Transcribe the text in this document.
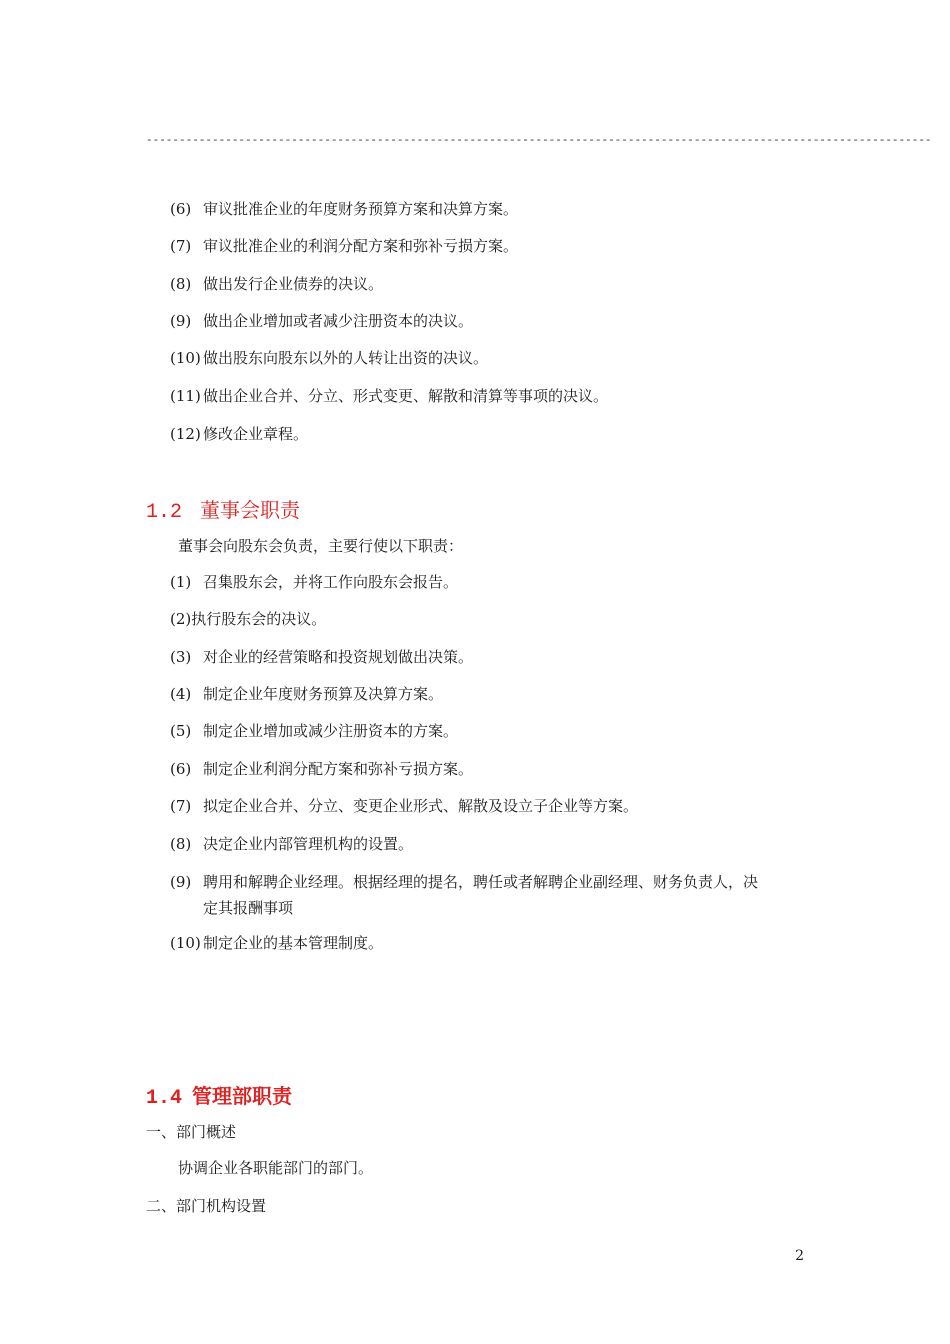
-----------------------------------------------------------------------------------------------------------------------
(6) 审议批准企业的年度财务预算方案和决算方案。
(7) 审议批准企业的利润分配方案和弥补亏损方案。
(8) 做出发行企业债券的决议。
(9) 做出企业增加或者减少注册资本的决议。
(10) 做出股东向股东以外的人转让出资的决议。
(11) 做出企业合并、分立、形式变更、解散和清算等事项的决议。
(12) 修改企业章程。
1.2 董事会职责
董事会向股东会负责，主要行使以下职责：
(1) 召集股东会，并将工作向股东会报告。
(2)执行股东会的决议。
(3) 对企业的经营策略和投资规划做出决策。
(4) 制定企业年度财务预算及决算方案。
(5) 制定企业增加或减少注册资本的方案。
(6) 制定企业利润分配方案和弥补亏损方案。
(7) 拟定企业合并、分立、变更企业形式、解散及设立子企业等方案。
(8) 决定企业内部管理机构的设置。
(9) 聘用和解聘企业经理。根据经理的提名，聘任或者解聘企业副经理、财务负责人，决定其报酬事项
(10) 制定企业的基本管理制度。
1.4 管理部职责
一、部门概述
协调企业各职能部门的部门。
二、部门机构设置
2
